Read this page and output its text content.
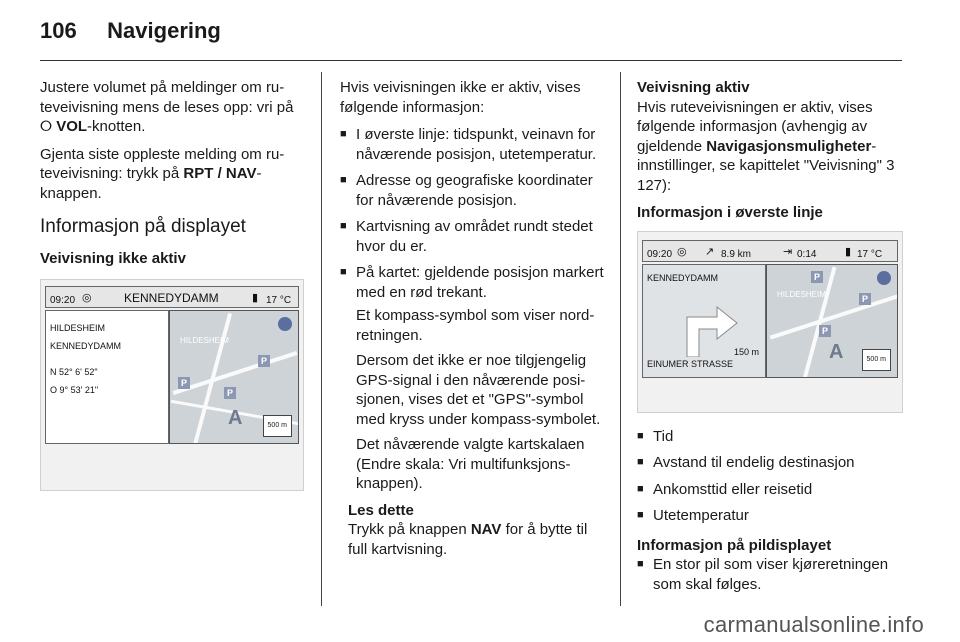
106 Navigering

Justere volumet på meldinger om ruteveivisning mens de leses opp: vri på ⭘︎ VOL-knotten.

Gjenta siste oppleste melding om ruteveivisning: trykk på RPT / NAV-knappen.

Informasjon på displayet
Veivisning ikke aktiv
09:20 ◎	KENNEDYDAMM	▮ 17 °C
HILDESHEIM
KENNEDYDAMM
N 52° 6' 52"
O 9° 53' 21"
HILDESHEIM
P
P
P
A	500 m

Hvis veivisningen ikke er aktiv, vises følgende informasjon:

■ I øverste linje: tidspunkt, veinavn for nåværende posisjon, utetemperatur.
■ Adresse og geografiske koordinater for nåværende posisjon.
■ Kartvisning av området rundt stedet hvor du er.
■ På kartet: gjeldende posisjon markert med en rød trekant.
Et kompass-symbol som viser nord-retningen.
Dersom det ikke er noe tilgjengelig GPS-signal i den nåværende posisjonen, vises det et "GPS"-symbol med kryss under kompass-symbolet.
Det nåværende valgte kartskalaen (Endre skala: Vri multifunksjonsknappen).
Les dette
Trykk på knappen NAV for å bytte til full kartvisning.
Veivisning aktiv

Hvis ruteveivisningen er aktiv, vises følgende informasjon (avhengig av gjeldende Navigasjonsmuligheter-innstillinger, se kapittelet "Veivisning" 3 127):

Informasjon i øverste linje
09:20 ◎ ↗ 8.9 km	⇥ 0:14	▮ 17 °C
KENNEDYDAMM
150 m
EINUMER STRASSE
HILDESHEIM
P
P
P
A	500 m
■ Tid
■ Avstand til endelig destinasjon
■ Ankomsttid eller reisetid
■ Utetemperatur
Informasjon på pildisplayet
■ En stor pil som viser kjøreretningen som skal følges.
carmanualsonline.info
